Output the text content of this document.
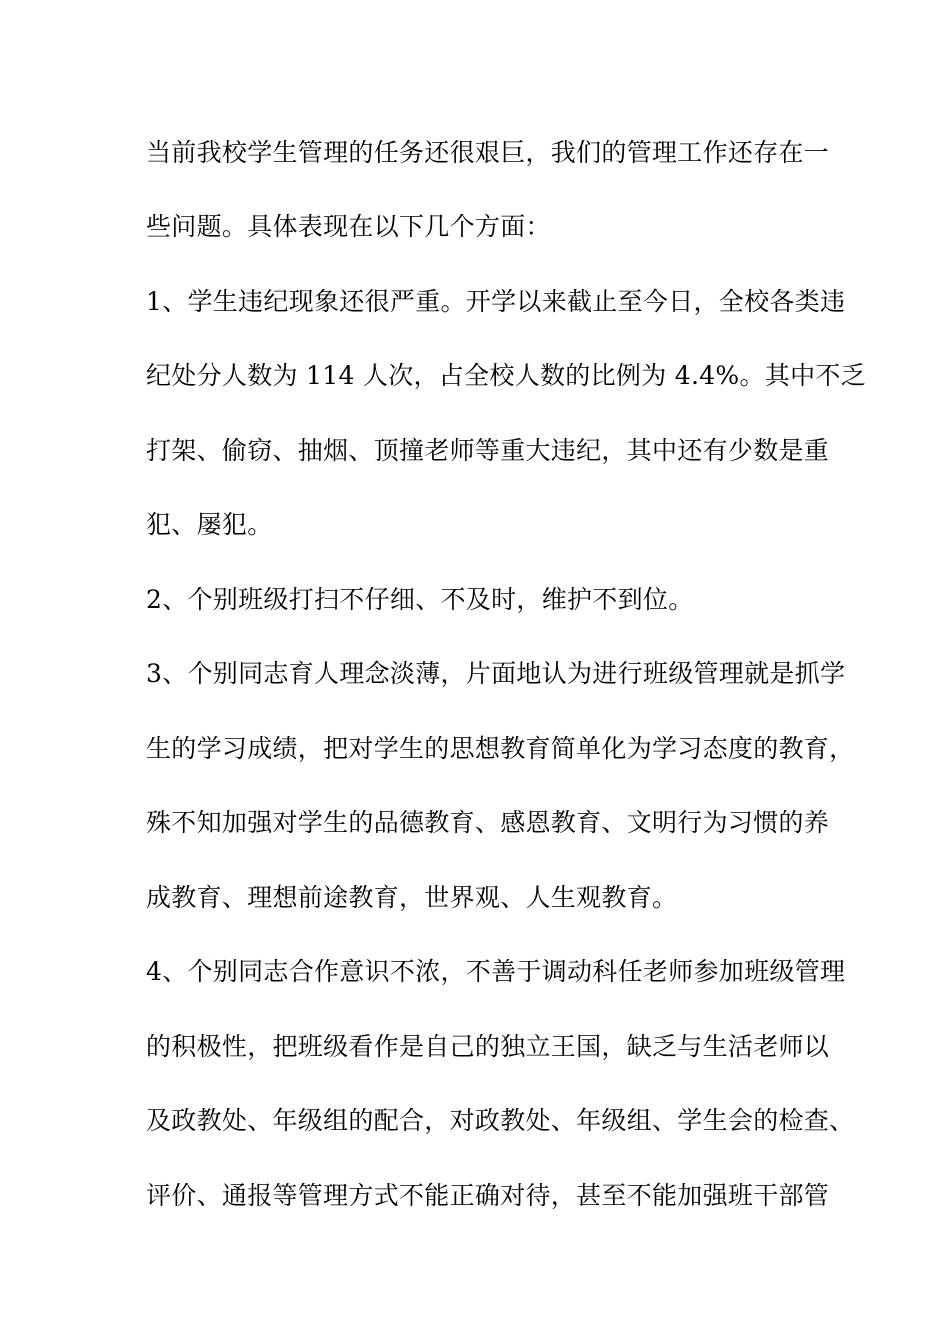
当前我校学生管理的任务还很艰巨，我们的管理工作还存在一
些问题。具体表现在以下几个方面：
1、学生违纪现象还很严重。开学以来截止至今日，全校各类违
纪处分人数为 114 人次，占全校人数的比例为 4.4%。其中不乏
打架、偷窃、抽烟、顶撞老师等重大违纪，其中还有少数是重
犯、屡犯。
2、个别班级打扫不仔细、不及时，维护不到位。
3、个别同志育人理念淡薄，片面地认为进行班级管理就是抓学
生的学习成绩，把对学生的思想教育简单化为学习态度的教育，
殊不知加强对学生的品德教育、感恩教育、文明行为习惯的养
成教育、理想前途教育，世界观、人生观教育。
4、个别同志合作意识不浓，不善于调动科任老师参加班级管理
的积极性，把班级看作是自己的独立王国，缺乏与生活老师以
及政教处、年级组的配合，对政教处、年级组、学生会的检查、
评价、通报等管理方式不能正确对待，甚至不能加强班干部管
